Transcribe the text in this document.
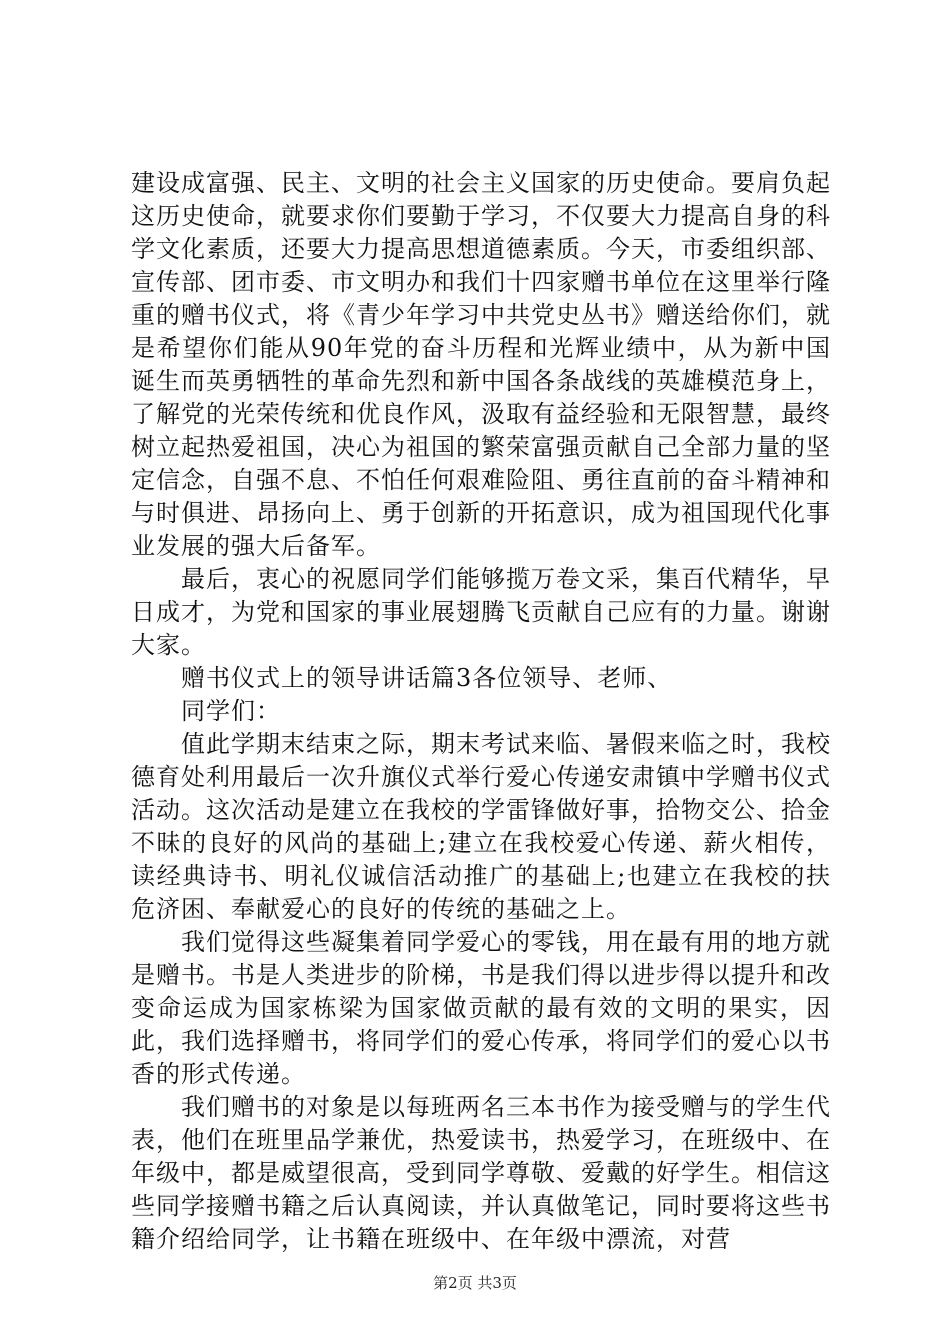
建设成富强、民主、文明的社会主义国家的历史使命。要肩负起这历史使命，就要求你们要勤于学习，不仅要大力提高自身的科学文化素质，还要大力提高思想道德素质。今天，市委组织部、宣传部、团市委、市文明办和我们十四家赠书单位在这里举行隆重的赠书仪式，将《青少年学习中共党史丛书》赠送给你们，就是希望你们能从90年党的奋斗历程和光辉业绩中，从为新中国诞生而英勇牺牲的革命先烈和新中国各条战线的英雄模范身上，了解党的光荣传统和优良作风，汲取有益经验和无限智慧，最终树立起热爱祖国，决心为祖国的繁荣富强贡献自己全部力量的坚定信念，自强不息、不怕任何艰难险阻、勇往直前的奋斗精神和与时俱进、昂扬向上、勇于创新的开拓意识，成为祖国现代化事业发展的强大后备军。

最后，衷心的祝愿同学们能够揽万卷文采，集百代精华，早日成才，为党和国家的事业展翅腾飞贡献自己应有的力量。谢谢大家。

赠书仪式上的领导讲话篇3各位领导、老师、

同学们：

值此学期末结束之际，期末考试来临、暑假来临之时，我校德育处利用最后一次升旗仪式举行爱心传递安肃镇中学赠书仪式活动。这次活动是建立在我校的学雷锋做好事，拾物交公、拾金不昧的良好的风尚的基础上;建立在我校爱心传递、薪火相传，读经典诗书、明礼仪诚信活动推广的基础上;也建立在我校的扶危济困、奉献爱心的良好的传统的基础之上。

我们觉得这些凝集着同学爱心的零钱，用在最有用的地方就是赠书。书是人类进步的阶梯，书是我们得以进步得以提升和改变命运成为国家栋梁为国家做贡献的最有效的文明的果实，因此，我们选择赠书，将同学们的爱心传承，将同学们的爱心以书香的形式传递。

我们赠书的对象是以每班两名三本书作为接受赠与的学生代表，他们在班里品学兼优，热爱读书，热爱学习，在班级中、在年级中，都是威望很高，受到同学尊敬、爱戴的好学生。相信这些同学接赠书籍之后认真阅读，并认真做笔记，同时要将这些书籍介绍给同学，让书籍在班级中、在年级中漂流，对营

第2页 共3页
